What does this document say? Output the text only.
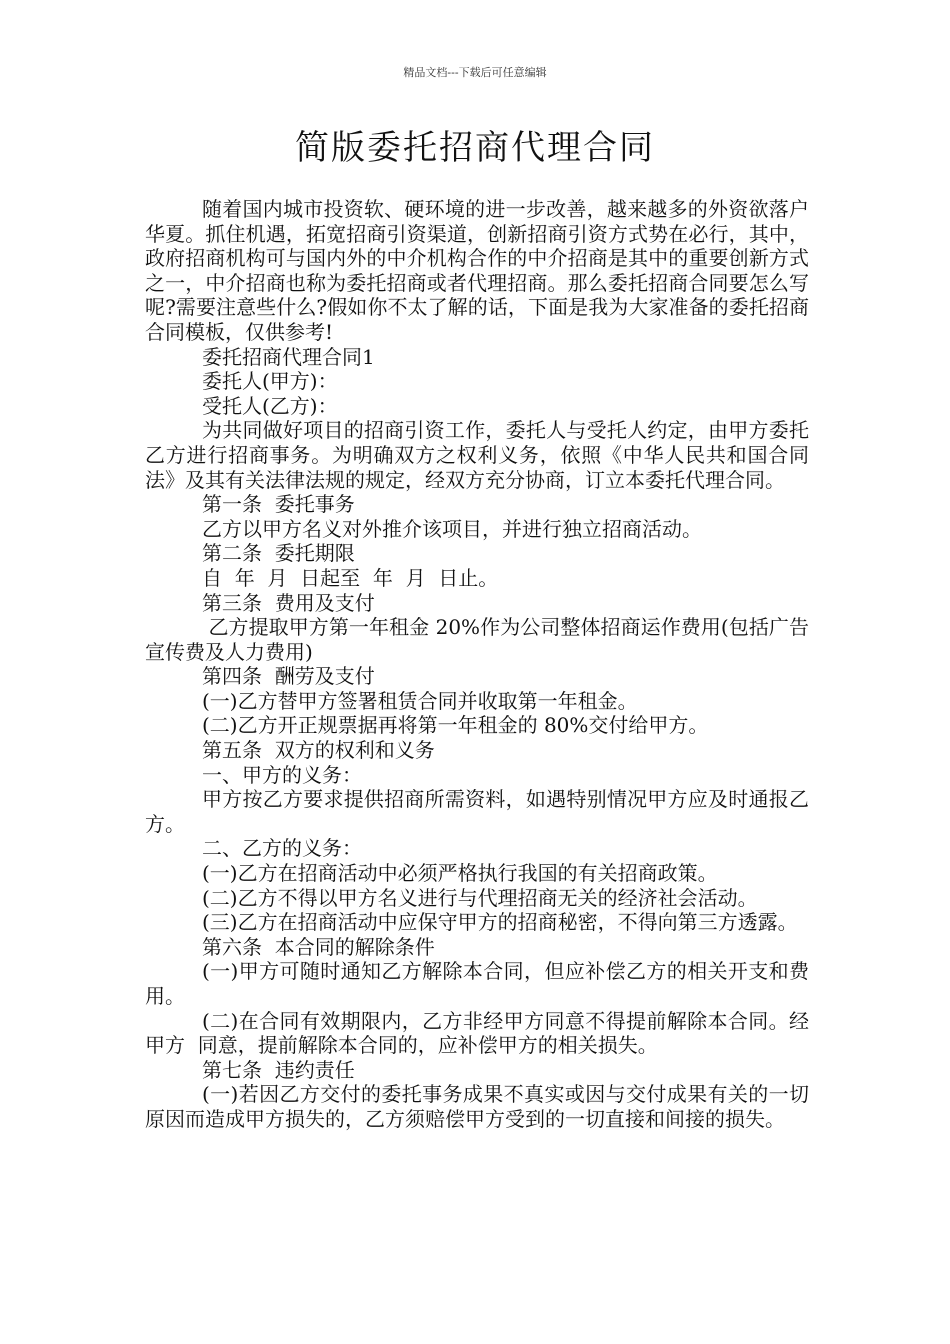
精品文档---下载后可任意编辑
简版委托招商代理合同

随着国内城市投资软、硬环境的进一步改善，越来越多的外资欲落户华夏。抓住机遇，拓宽招商引资渠道，创新招商引资方式势在必行，其中，政府招商机构可与国内外的中介机构合作的中介招商是其中的重要创新方式之一，中介招商也称为委托招商或者代理招商。那么委托招商合同要怎么写呢?需要注意些什么?假如你不太了解的话，下面是我为大家准备的委托招商合同模板，仅供参考!

委托招商代理合同1

委托人(甲方)：

受托人(乙方)：

为共同做好项目的招商引资工作，委托人与受托人约定，由甲方委托乙方进行招商事务。为明确双方之权利义务，依照《中华人民共和国合同法》及其有关法律法规的规定，经双方充分协商，订立本委托代理合同。

第一条  委托事务

乙方以甲方名义对外推介该项目，并进行独立招商活动。

第二条  委托期限

自  年  月  日起至  年  月  日止。

第三条  费用及支付

乙方提取甲方第一年租金 20%作为公司整体招商运作费用(包括广告宣传费及人力费用)

第四条  酬劳及支付

(一)乙方替甲方签署租赁合同并收取第一年租金。

(二)乙方开正规票据再将第一年租金的 80%交付给甲方。

第五条  双方的权利和义务

一、甲方的义务：

甲方按乙方要求提供招商所需资料，如遇特别情况甲方应及时通报乙方。

二、乙方的义务：

(一)乙方在招商活动中必须严格执行我国的有关招商政策。

(二)乙方不得以甲方名义进行与代理招商无关的经济社会活动。

(三)乙方在招商活动中应保守甲方的招商秘密，不得向第三方透露。

第六条  本合同的解除条件

(一)甲方可随时通知乙方解除本合同，但应补偿乙方的相关开支和费用。

(二)在合同有效期限内，乙方非经甲方同意不得提前解除本合同。经甲方  同意，提前解除本合同的，应补偿甲方的相关损失。

第七条  违约责任

(一)若因乙方交付的委托事务成果不真实或因与交付成果有关的一切原因而造成甲方损失的，乙方须赔偿甲方受到的一切直接和间接的损失。
